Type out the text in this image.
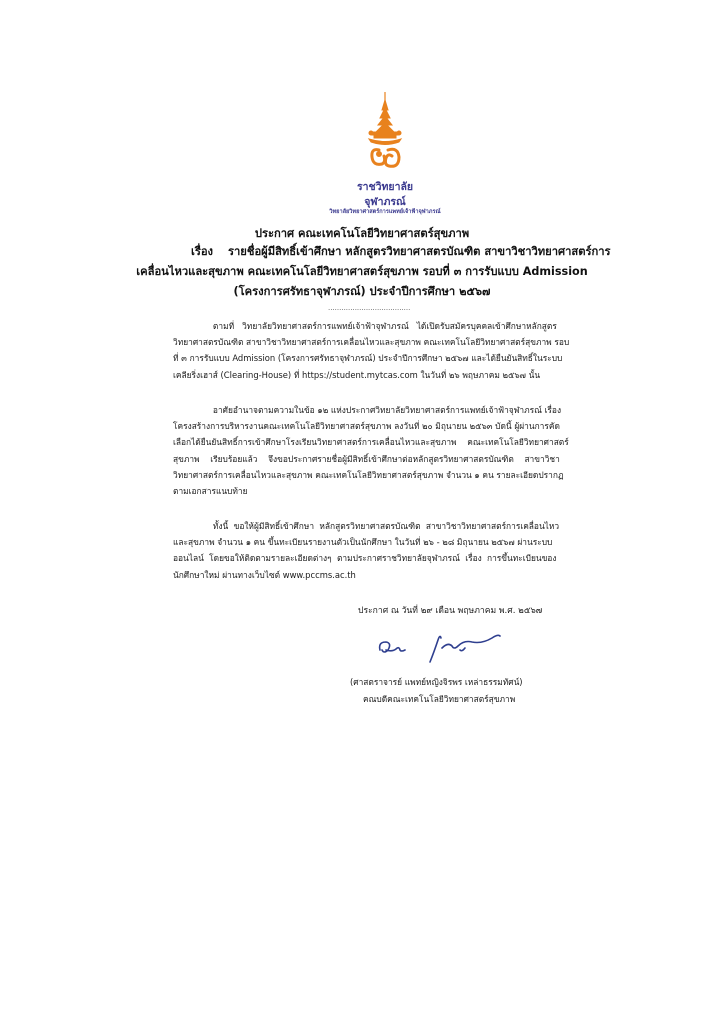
ราชวิทยาลัย
จุฬาภรณ์
วิทยาลัยวิทยาศาสตร์การแพทย์เจ้าฟ้าจุฬาภรณ์
ประกาศ คณะเทคโนโลยีวิทยาศาสตร์สุขภาพ
เรื่อง รายชื่อผู้มีสิทธิ์เข้าศึกษา หลักสูตรวิทยาศาสตรบัณฑิต สาขาวิชาวิทยาศาสตร์การ
เคลื่อนไหวและสุขภาพ คณะเทคโนโลยีวิทยาศาสตร์สุขภาพ รอบที่ ๓ การรับแบบ Admission
(โครงการศรัทธาจุฬาภรณ์) ประจำปีการศึกษา ๒๕๖๗
.....................................
ตามที่   วิทยาลัยวิทยาศาสตร์การแพทย์เจ้าฟ้าจุฬาภรณ์   ได้เปิดรับสมัครบุคคลเข้าศึกษาหลักสูตร
วิทยาศาสตรบัณฑิต สาขาวิชาวิทยาศาสตร์การเคลื่อนไหวและสุขภาพ คณะเทคโนโลยีวิทยาศาสตร์สุขภาพ รอบ
ที่ ๓ การรับแบบ Admission (โครงการศรัทธาจุฬาภรณ์) ประจำปีการศึกษา ๒๕๖๗ และได้ยืนยันสิทธิ์ในระบบ
เคลียริ่งเฮาส์ (Clearing-House) ที่ https://student.mytcas.com ในวันที่ ๒๖ พฤษภาคม ๒๕๖๗ นั้น
อาศัยอำนาจตามความในข้อ ๑๒ แห่งประกาศวิทยาลัยวิทยาศาสตร์การแพทย์เจ้าฟ้าจุฬาภรณ์ เรื่อง
โครงสร้างการบริหารงานคณะเทคโนโลยีวิทยาศาสตร์สุขภาพ ลงวันที่ ๒๐ มิถุนายน ๒๕๖๓ บัดนี้ ผู้ผ่านการคัด
เลือกได้ยืนยันสิทธิ์การเข้าศึกษาโรงเรียนวิทยาศาสตร์การเคลื่อนไหวและสุขภาพ    คณะเทคโนโลยีวิทยาศาสตร์
สุขภาพ    เรียบร้อยแล้ว    จึงขอประกาศรายชื่อผู้มีสิทธิ์เข้าศึกษาต่อหลักสูตรวิทยาศาสตรบัณฑิต    สาขาวิชา
วิทยาศาสตร์การเคลื่อนไหวและสุขภาพ คณะเทคโนโลยีวิทยาศาสตร์สุขภาพ จำนวน ๑ คน รายละเอียดปรากฏ
ตามเอกสารแนบท้าย
ทั้งนี้  ขอให้ผู้มีสิทธิ์เข้าศึกษา  หลักสูตรวิทยาศาสตรบัณฑิต  สาขาวิชาวิทยาศาสตร์การเคลื่อนไหว
และสุขภาพ จำนวน ๑ คน ขึ้นทะเบียนรายงานตัวเป็นนักศึกษา ในวันที่ ๒๖ - ๒๘ มิถุนายน ๒๕๖๗ ผ่านระบบ
ออนไลน์  โดยขอให้ติดตามรายละเอียดต่างๆ  ตามประกาศราชวิทยาลัยจุฬาภรณ์  เรื่อง  การขึ้นทะเบียนของ
นักศึกษาใหม่ ผ่านทางเว็บไซต์ www.pccms.ac.th
ประกาศ ณ วันที่ ๒๙ เดือน พฤษภาคม พ.ศ. ๒๕๖๗
(ศาสตราจารย์ แพทย์หญิงจิรพร เหล่าธรรมทัศน์)
คณบดีคณะเทคโนโลยีวิทยาศาสตร์สุขภาพ
